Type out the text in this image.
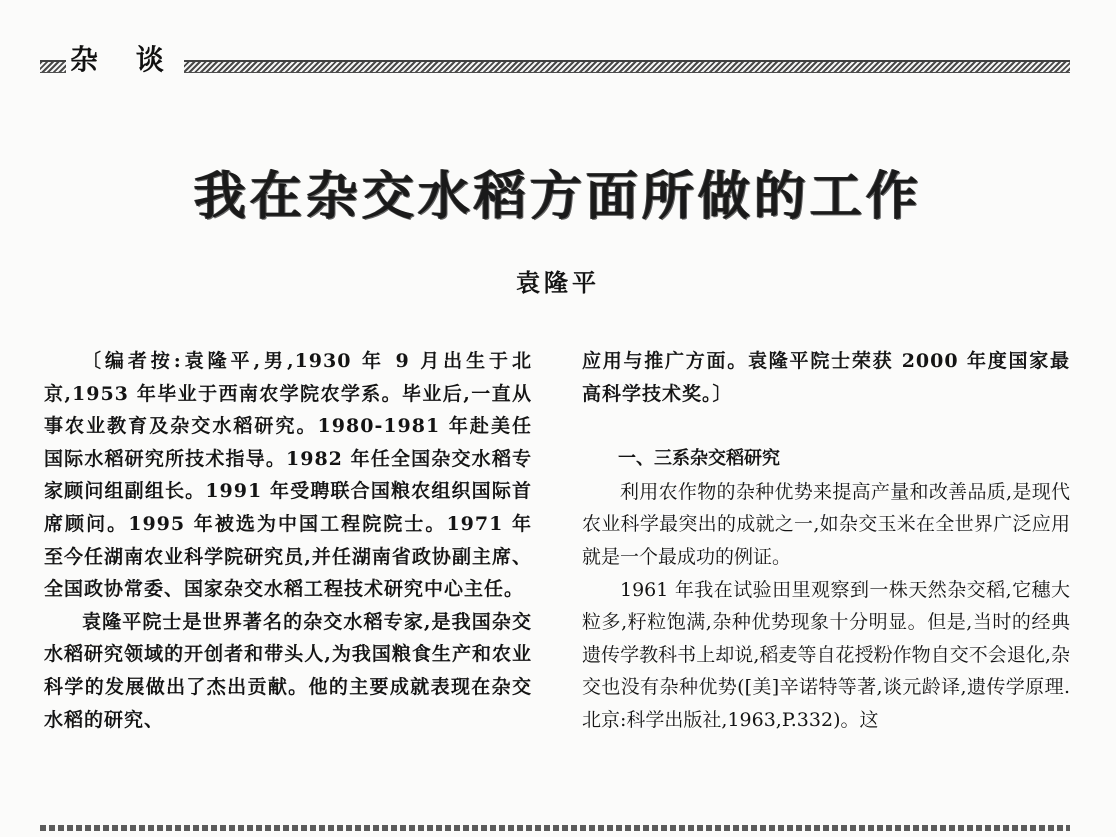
杂 谈
我在杂交水稻方面所做的工作
袁隆平

〔编者按:袁隆平,男,1930 年 9 月出生于北京,1953 年毕业于西南农学院农学系。毕业后,一直从事农业教育及杂交水稻研究。1980-1981 年赴美任国际水稻研究所技术指导。1982 年任全国杂交水稻专家顾问组副组长。1991 年受聘联合国粮农组织国际首席顾问。1995 年被选为中国工程院院士。1971 年至今任湖南农业科学院研究员,并任湖南省政协副主席、全国政协常委、国家杂交水稻工程技术研究中心主任。

袁隆平院士是世界著名的杂交水稻专家,是我国杂交水稻研究领域的开创者和带头人,为我国粮食生产和农业科学的发展做出了杰出贡献。他的主要成就表现在杂交水稻的研究、

应用与推广方面。袁隆平院士荣获 2000 年度国家最高科学技术奖。〕

一、三系杂交稻研究

利用农作物的杂种优势来提高产量和改善品质,是现代农业科学最突出的成就之一,如杂交玉米在全世界广泛应用就是一个最成功的例证。

1961 年我在试验田里观察到一株天然杂交稻,它穗大粒多,籽粒饱满,杂种优势现象十分明显。但是,当时的经典遗传学教科书上却说,稻麦等自花授粉作物自交不会退化,杂交也没有杂种优势([美]辛诺特等著,谈元龄译,遗传学原理.北京:科学出版社,1963,P.332)。这
